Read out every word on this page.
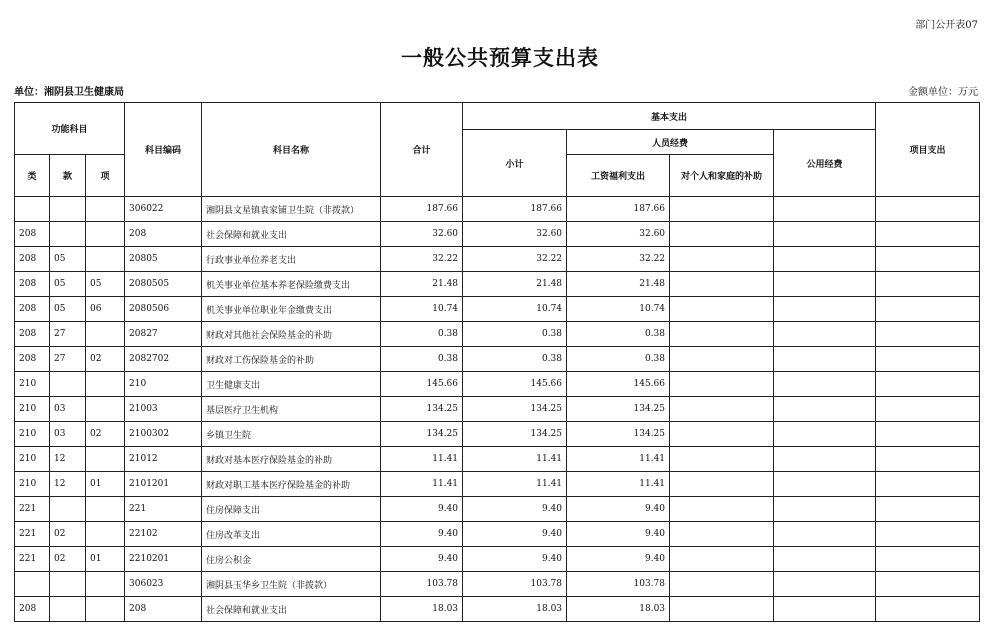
部门公开表07
一般公共预算支出表
单位：湘阴县卫生健康局	金额单位：万元
功能科目			科目编码	科目名称	合计	基本支出				项目支出
						小计	人员经费		公用经费	
类	款	项					工资福利支出	对个人和家庭的补助		
			306022	湘阴县文星镇袁家铺卫生院（非拨款）	187.66	187.66	187.66			
208			208	社会保障和就业支出	32.60	32.60	32.60			
208	05		20805	行政事业单位养老支出	32.22	32.22	32.22			
208	05	05	2080505	机关事业单位基本养老保险缴费支出	21.48	21.48	21.48			
208	05	06	2080506	机关事业单位职业年金缴费支出	10.74	10.74	10.74			
208	27		20827	财政对其他社会保险基金的补助	0.38	0.38	0.38			
208	27	02	2082702	财政对工伤保险基金的补助	0.38	0.38	0.38			
210			210	卫生健康支出	145.66	145.66	145.66			
210	03		21003	基层医疗卫生机构	134.25	134.25	134.25			
210	03	02	2100302	乡镇卫生院	134.25	134.25	134.25			
210	12		21012	财政对基本医疗保险基金的补助	11.41	11.41	11.41			
210	12	01	2101201	财政对职工基本医疗保险基金的补助	11.41	11.41	11.41			
221			221	住房保障支出	9.40	9.40	9.40			
221	02		22102	住房改革支出	9.40	9.40	9.40			
221	02	01	2210201	住房公积金	9.40	9.40	9.40			
			306023	湘阴县玉华乡卫生院（非拨款）	103.78	103.78	103.78			
208			208	社会保障和就业支出	18.03	18.03	18.03			
